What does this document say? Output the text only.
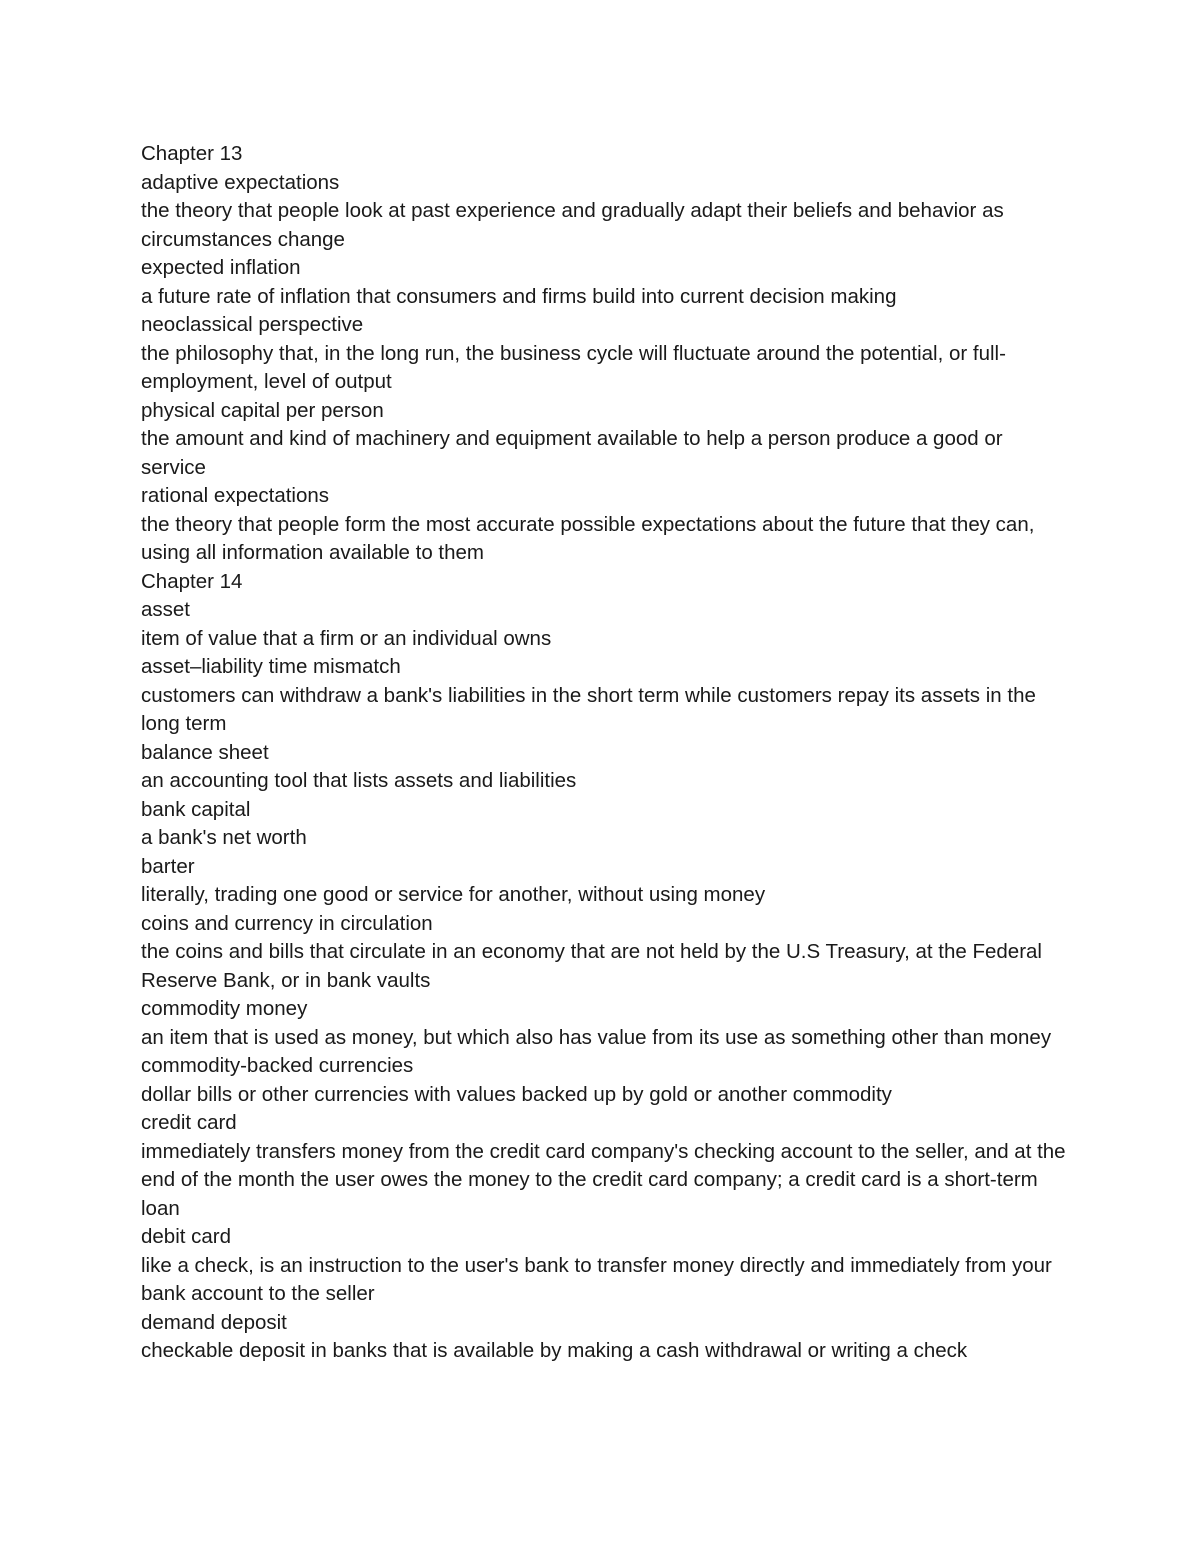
Chapter 13

adaptive expectations

the theory that people look at past experience and gradually adapt their beliefs and behavior as circumstances change

expected inflation

a future rate of inflation that consumers and firms build into current decision making

neoclassical perspective

the philosophy that, in the long run, the business cycle will fluctuate around the potential, or full-employment, level of output

physical capital per person

the amount and kind of machinery and equipment available to help a person produce a good or service

rational expectations

the theory that people form the most accurate possible expectations about the future that they can, using all information available to them

Chapter 14

asset

item of value that a firm or an individual owns

asset–liability time mismatch

customers can withdraw a bank's liabilities in the short term while customers repay its assets in the long term

balance sheet

an accounting tool that lists assets and liabilities

bank capital

a bank's net worth

barter

literally, trading one good or service for another, without using money

coins and currency in circulation

the coins and bills that circulate in an economy that are not held by the U.S Treasury, at the Federal Reserve Bank, or in bank vaults

commodity money

an item that is used as money, but which also has value from its use as something other than money

commodity-backed currencies

dollar bills or other currencies with values backed up by gold or another commodity

credit card

immediately transfers money from the credit card company's checking account to the seller, and at the end of the month the user owes the money to the credit card company; a credit card is a short-term loan

debit card

like a check, is an instruction to the user's bank to transfer money directly and immediately from your bank account to the seller

demand deposit

checkable deposit in banks that is available by making a cash withdrawal or writing a check
